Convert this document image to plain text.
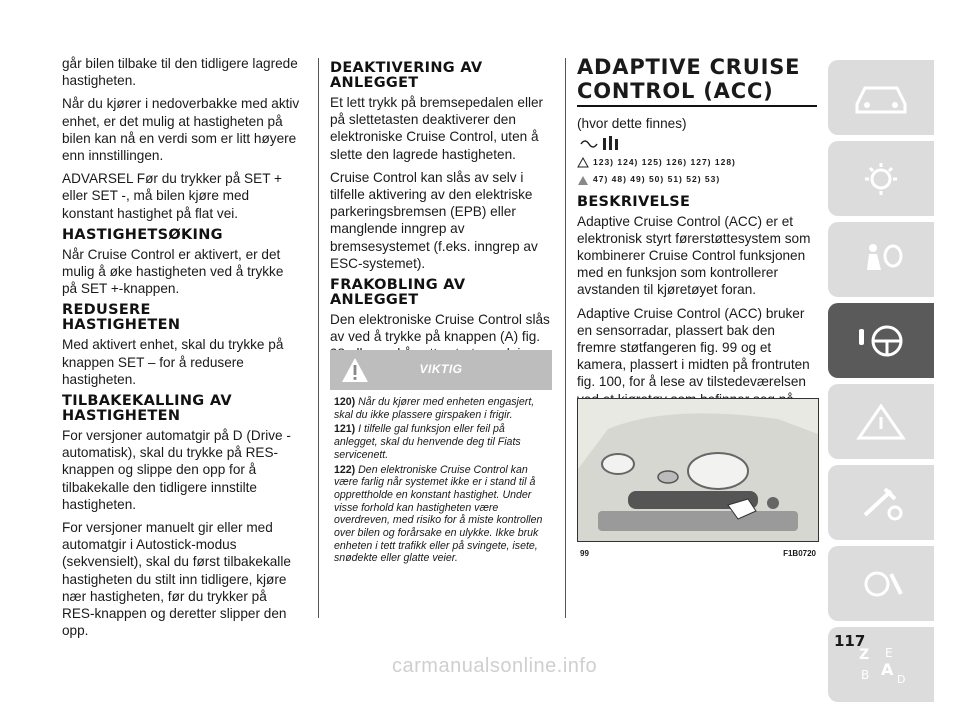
går bilen tilbake til den tidligere lagrede hastigheten.

Når du kjører i nedoverbakke med aktiv enhet, er det mulig at hastigheten på bilen kan nå en verdi som er litt høyere enn innstillingen.

ADVARSEL Før du trykker på SET + eller SET -, må bilen kjøre med konstant hastighet på flat vei.

HASTIGHETSØKING

Når Cruise Control er aktivert, er det mulig å øke hastigheten ved å trykke på SET +-knappen.

REDUSERE
HASTIGHETEN

Med aktivert enhet, skal du trykke på knappen SET – for å redusere hastigheten.

TILBAKEKALLING AV
HASTIGHETEN

For versjoner automatgir på D (Drive - automatisk), skal du trykke på RES-knappen og slippe den opp for å tilbakekalle den tidligere innstilte hastigheten.

For versjoner manuelt gir eller med automatgir i Autostick-modus (sekvensielt), skal du først tilbakekalle hastigheten du stilt inn tidligere, kjøre nær hastigheten, før du trykker på RES-knappen og deretter slipper den opp.

DEAKTIVERING AV
ANLEGGET

Et lett trykk på bremsepedalen eller på slettetasten deaktiverer den elektroniske Cruise Control, uten å slette den lagrede hastigheten.

Cruise Control kan slås av selv i tilfelle aktivering av den elektriske parkeringsbremsen (EPB) eller manglende inngrep av bremsesystemet (f.eks. inngrep av ESC-systemet).

FRAKOBLING AV
ANLEGGET

Den elektroniske Cruise Control slås av ved å trykke på knappen (A) fig.

VIKTIG

120) Når du kjører med enheten engasjert, skal du ikke plassere girspaken i frigir.

121) I tilfelle gal funksjon eller feil på anlegget, skal du henvende deg til Fiats servicenett.

122) Den elektroniske Cruise Control kan være farlig når systemet ikke er i stand til å opprettholde en konstant hastighet. Under visse forhold kan hastigheten være overdreven, med risiko for å miste kontrollen over bilen og forårsake en ulykke. Ikke bruk enheten i tett trafikk eller på svingete, isete, snødekte eller glatte veier.

ADAPTIVE CRUISE
CONTROL (ACC)

(hvor dette finnes)

123) 124) 125) 126) 127) 128)
47) 48) 49) 50) 51) 52) 53)
BESKRIVELSE

Adaptive Cruise Control (ACC) er et elektronisk styrt førerstøttesystem som kombinerer Cruise Control funksjonen med en funksjon som kontrollerer avstanden til kjøretøyet foran.

Adaptive Cruise Control (ACC) bruker en sensorradar, plassert bak den fremre støtfangeren fig. 99 og et kamera, plassert i midten på frontruten fig. 100, for å lese av tilstedeværelsen

99	F1B0720
Z E
B A
D
117
carmanualsonline.info
